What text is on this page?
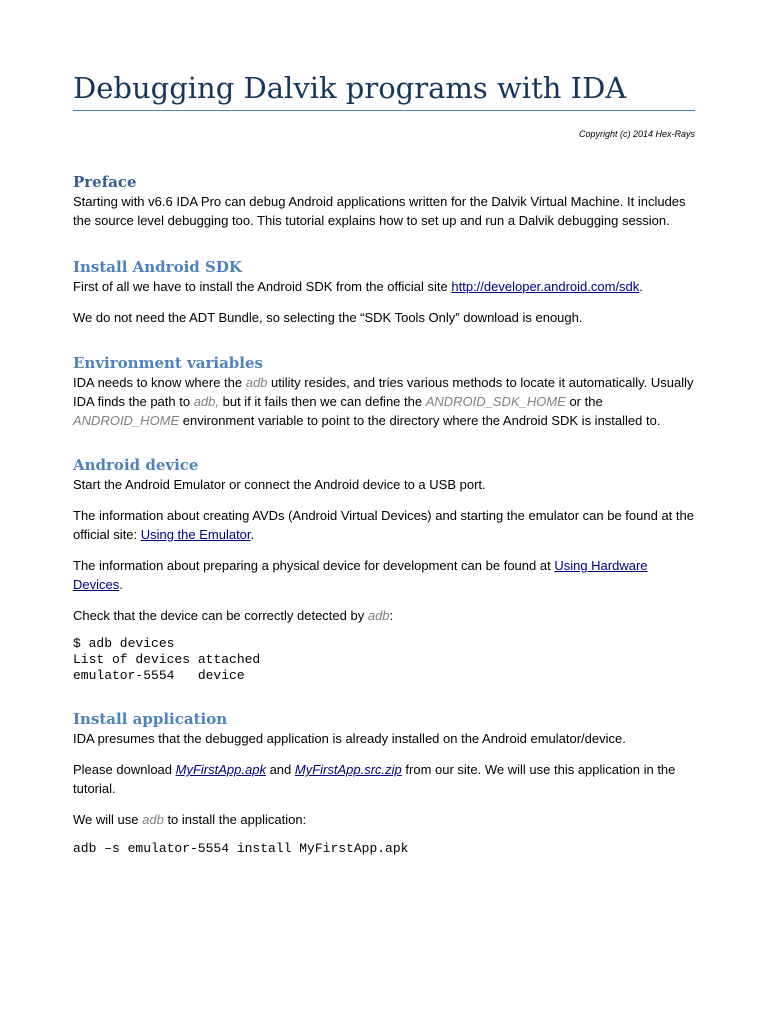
Debugging Dalvik programs with IDA
Copyright (c) 2014 Hex-Rays
Preface

Starting with v6.6 IDA Pro can debug Android applications written for the Dalvik Virtual Machine. It includes the source level debugging too. This tutorial explains how to set up and run a Dalvik debugging session.

Install Android SDK

First of all we have to install the Android SDK from the official site http://developer.android.com/sdk.

We do not need the ADT Bundle, so selecting the “SDK Tools Only” download is enough.

Environment variables

IDA needs to know where the adb utility resides, and tries various methods to locate it automatically. Usually IDA finds the path to adb, but if it fails then we can define the ANDROID_SDK_HOME or the ANDROID_HOME environment variable to point to the directory where the Android SDK is installed to.

Android device

Start the Android Emulator or connect the Android device to a USB port.

The information about creating AVDs (Android Virtual Devices) and starting the emulator can be found at the official site: Using the Emulator.

The information about preparing a physical device for development can be found at Using Hardware Devices.

Check that the device can be correctly detected by adb:

$ adb devices
List of devices attached
emulator-5554   device
Install application

IDA presumes that the debugged application is already installed on the Android emulator/device.

Please download MyFirstApp.apk and MyFirstApp.src.zip from our site. We will use this application in the tutorial.

We will use adb to install the application:

adb –s emulator-5554 install MyFirstApp.apk
